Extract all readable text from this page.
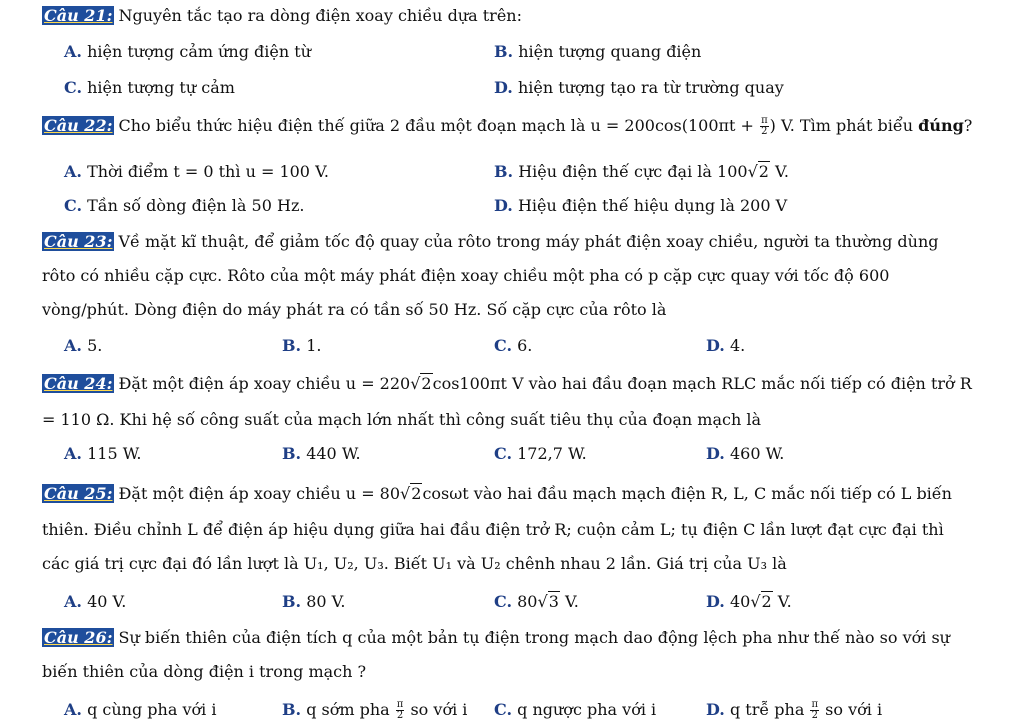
Câu 21: Nguyên tắc tạo ra dòng điện xoay chiều dựa trên:
A. hiện tượng cảm ứng điện từ	B. hiện tượng quang điện
C. hiện tượng tự cảm	D. hiện tượng tạo ra từ trường quay
Câu 22: Cho biểu thức hiệu điện thế giữa 2 đầu một đoạn mạch là $u = 200\cos(100\pi t + \frac{\pi}{2}$ ) V. Tìm phát biểu đúng?
A. Thời điểm t = 0 thì u = 100 V.	B. Hiệu điện thế cực đại là 100√2 V.
C. Tần số dòng điện là 50 Hz.	D. Hiệu điện thế hiệu dụng là 200 V
Câu 23: Về mặt kĩ thuật, để giảm tốc độ quay của rôto trong máy phát điện xoay chiều, người ta thường dùng
rôto có nhiều cặp cực. Rôto của một máy phát điện xoay chiều một pha có p cặp cực quay với tốc độ 600
vòng/phút. Dòng điện do máy phát ra có tần số 50 Hz. Số cặp cực của rôto là
A. 5.	B. 1.	C. 6.	D. 4.
Câu 24: Đặt một điện áp xoay chiều u = 220√2cos100πt V vào hai đầu đoạn mạch RLC mắc nối tiếp có điện trở R
= 110 Ω. Khi hệ số công suất của mạch lớn nhất thì công suất tiêu thụ của đoạn mạch là
A. 115 W.	B. 440 W.	C. 172,7 W.	D. 460 W.
Câu 25: Đặt một điện áp xoay chiều u = 80√2cosωt vào hai đầu mạch mạch điện R, L, C mắc nối tiếp có L biến
thiên. Điều chỉnh L để điện áp hiệu dụng giữa hai đầu điện trở R; cuộn cảm L; tụ điện C lần lượt đạt cực đại thì
các giá trị cực đại đó lần lượt là U₁, U₂, U₃. Biết U₁ và U₂ chênh nhau 2 lần. Giá trị của U₃ là
A. 40 V.	B. 80 V.	C. 80√3 V.	D. 40√2 V.
Câu 26: Sự biến thiên của điện tích q của một bản tụ điện trong mạch dao động lệch pha như thế nào so với sự
biến thiên của dòng điện i trong mạch ?
A. q cùng pha với i	B. q sớm pha $\frac{\pi}{2}$ so với i C. q ngược pha với i	D. q trễ pha $\frac{\pi}{2}$ so với i
